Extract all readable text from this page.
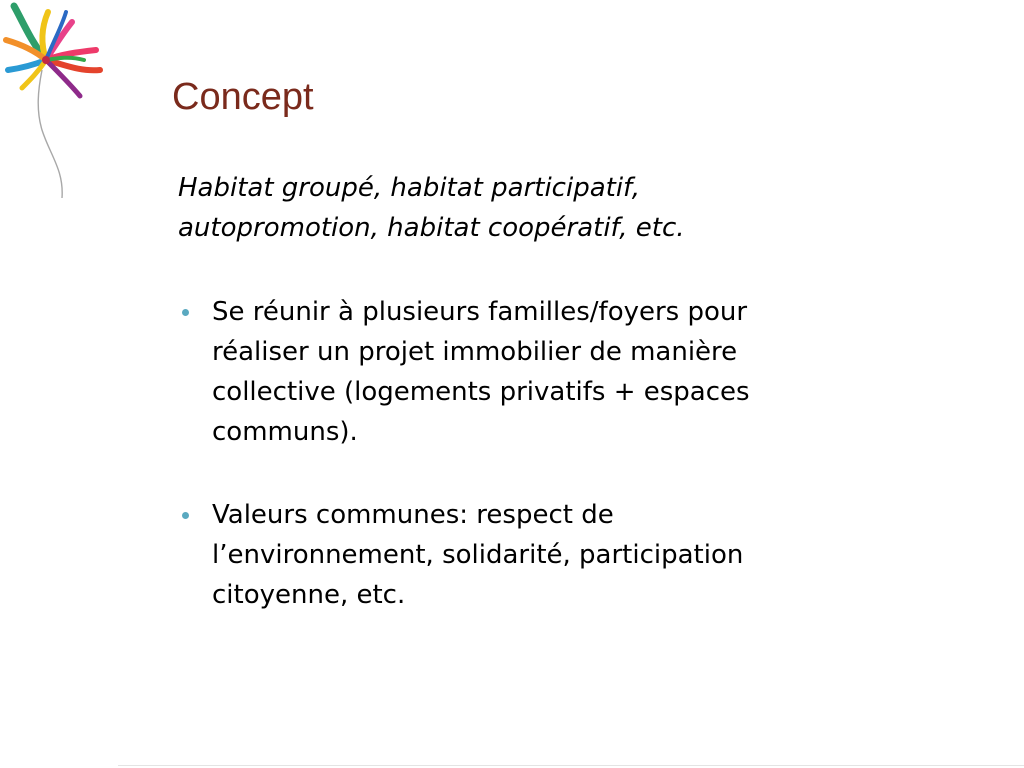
Concept

Habitat groupé, habitat participatif,
autopromotion, habitat coopératif, etc.

Se réunir à plusieurs familles/foyers pour
réaliser un projet immobilier de manière
collective (logements privatifs + espaces
communs).
Valeurs communes: respect de
l’environnement, solidarité, participation
citoyenne, etc.
